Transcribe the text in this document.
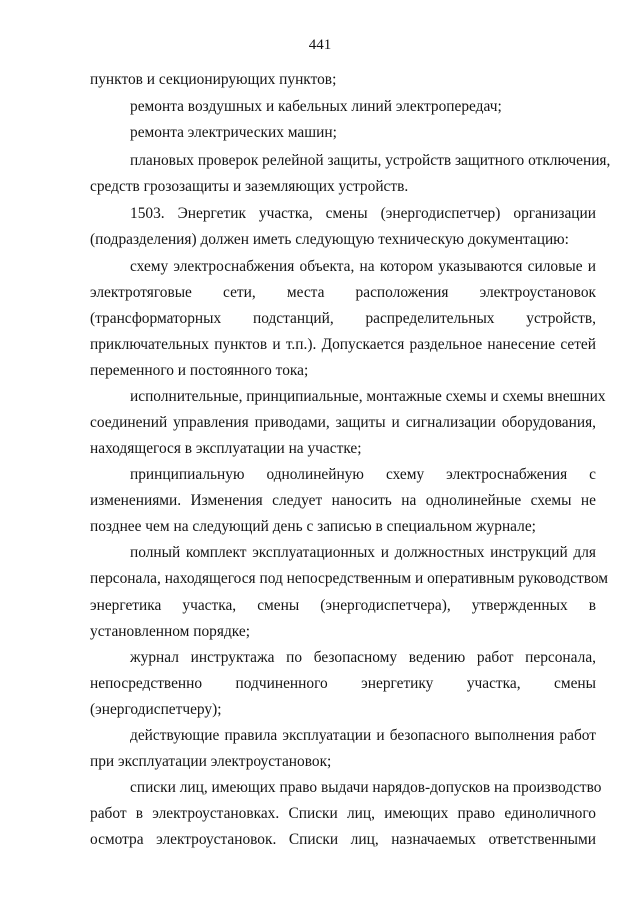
441
пунктов и секционирующих пунктов;
ремонта воздушных и кабельных линий электропередач;
ремонта электрических машин;
плановых проверок релейной защиты, устройств защитного отключения,
средств грозозащиты и заземляющих устройств.
1503. Энергетик участка, смены (энергодиспетчер) организации
(подразделения) должен иметь следующую техническую документацию:
схему электроснабжения объекта, на котором указываются силовые и
электротяговые сети, места расположения электроустановок
(трансформаторных подстанций, распределительных устройств,
приключательных пунктов и т.п.). Допускается раздельное нанесение сетей
переменного и постоянного тока;
исполнительные, принципиальные, монтажные схемы и схемы внешних
соединений управления приводами, защиты и сигнализации оборудования,
находящегося в эксплуатации на участке;
принципиальную однолинейную схему электроснабжения с
изменениями. Изменения следует наносить на однолинейные схемы не
позднее чем на следующий день с записью в специальном журнале;
полный комплект эксплуатационных и должностных инструкций для
персонала, находящегося под непосредственным и оперативным руководством
энергетика участка, смены (энергодиспетчера), утвержденных в
установленном порядке;
журнал инструктажа по безопасному ведению работ персонала,
непосредственно подчиненного энергетику участка, смены
(энергодиспетчеру);
действующие правила эксплуатации и безопасного выполнения работ
при эксплуатации электроустановок;
списки лиц, имеющих право выдачи нарядов-допусков на производство
работ в электроустановках. Списки лиц, имеющих право единоличного
осмотра электроустановок. Списки лиц, назначаемых ответственными
